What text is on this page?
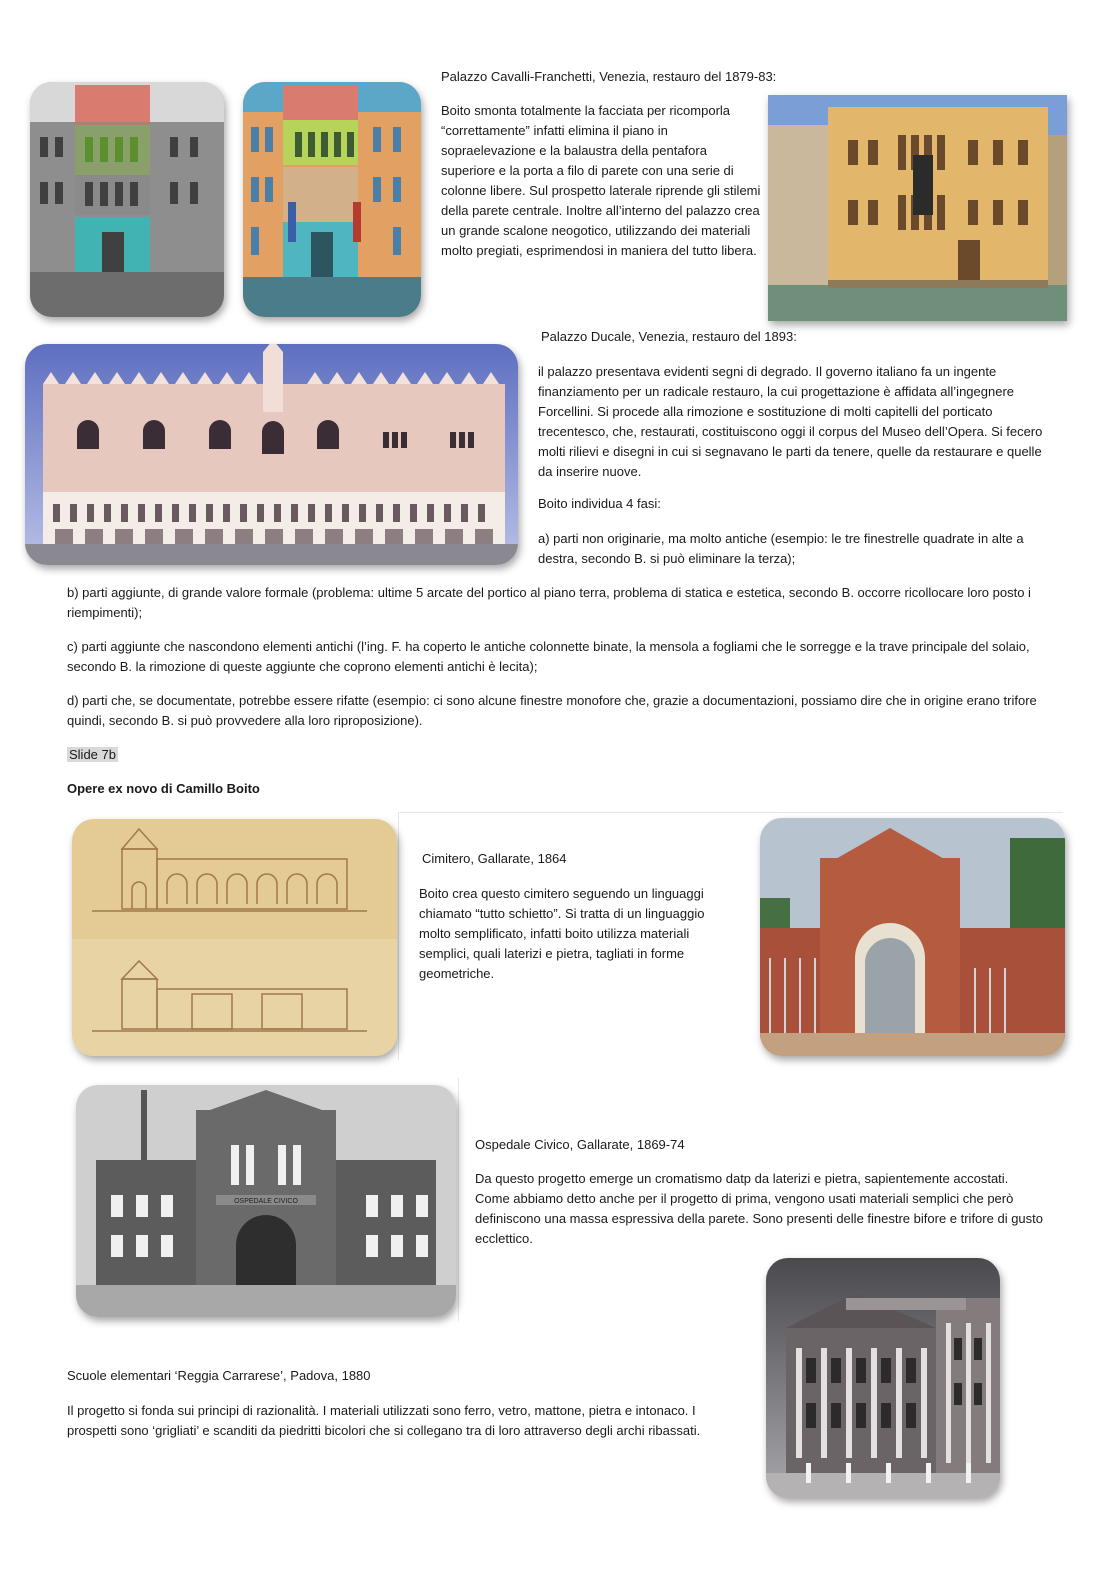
Palazzo Cavalli-Franchetti, Venezia, restauro del 1879-83:

Boito smonta totalmente la facciata per ricomporla “correttamente” infatti elimina il piano in sopraelevazione e la balaustra della pentafora superiore e la porta a filo di parete con una serie di colonne libere. Sul prospetto laterale riprende gli stilemi della parete centrale. Inoltre all’interno del palazzo crea un grande scalone neogotico, utilizzando dei materiali molto pregiati, esprimendosi in maniera del tutto libera.

Palazzo Ducale, Venezia, restauro del 1893:

il palazzo presentava evidenti segni di degrado. Il governo italiano fa un ingente finanziamento per un radicale restauro, la cui progettazione è affidata all’ingegnere Forcellini. Si procede alla rimozione e sostituzione di molti capitelli del porticato trecentesco, che, restaurati, costituiscono oggi il corpus del Museo dell’Opera. Si fecero molti rilievi e disegni in cui si segnavano le parti da tenere, quelle da restaurare e quelle da inserire nuove.

Boito individua 4 fasi:

a) parti non originarie, ma molto antiche (esempio: le tre finestrelle quadrate in alte a destra, secondo B. si può eliminare la terza);

b) parti aggiunte, di grande valore formale (problema: ultime 5 arcate del portico al piano terra, problema di statica e estetica, secondo B. occorre ricollocare loro posto i riempimenti);

c) parti aggiunte che nascondono elementi antichi (l’ing. F. ha coperto le antiche colonnette binate, la mensola a fogliami che le sorregge e la trave principale del solaio, secondo B. la rimozione di queste aggiunte che coprono elementi antichi è lecita);

d) parti che, se documentate, potrebbe essere rifatte (esempio: ci sono alcune finestre monofore che, grazie a documentazioni, possiamo dire che in origine erano trifore quindi, secondo B. si può provvedere alla loro riproposizione).

Slide 7b
Opere ex novo di Camillo Boito
Cimitero, Gallarate, 1864

Boito crea questo cimitero seguendo un linguaggi chiamato “tutto schietto”. Si tratta di un linguaggio molto semplificato, infatti boito utilizza materiali semplici, quali laterizi e pietra, tagliati in forme geometriche.

OSPEDALE CIVICO
Ospedale Civico, Gallarate, 1869-74

Da questo progetto emerge un cromatismo datp da laterizi e pietra, sapientemente accostati. Come abbiamo detto anche per il progetto di prima, vengono usati materiali semplici che però definiscono una massa espressiva della parete. Sono presenti delle finestre bifore e trifore di gusto ecclettico.

Scuole elementari ‘Reggia Carrarese’, Padova, 1880

Il progetto si fonda sui principi di razionalità. I materiali utilizzati sono ferro, vetro, mattone, pietra e intonaco. I prospetti sono ‘grigliati’ e scanditi da piedritti bicolori che si collegano tra di loro attraverso degli archi ribassati.
